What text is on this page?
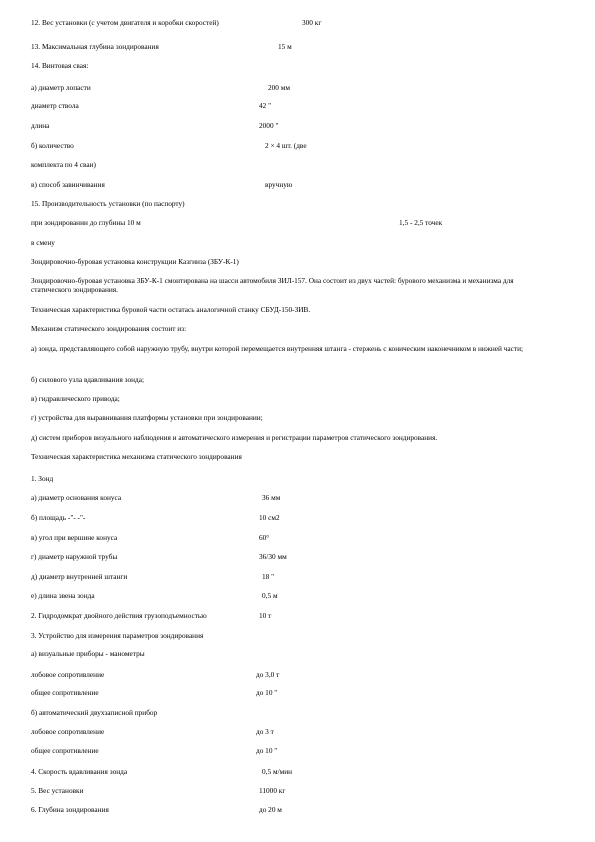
12. Вес установки (с учетом двигателя и коробки скоростей)	300 кг
13. Максимальная глубина зондирования	15 м
14. Винтовая свая:
а) диаметр лопасти	200 мм
диаметр ствола	42 "
длина	2000 "
б) количество	2 × 4 шт. (две
комплекта по 4 сваи)
в) способ завинчивания	вручную
15. Производительность установки (по паспорту)
при зондировании до глубины 10 м	1,5 - 2,5 точек
в смену
Зондировочно-буровая установка конструкции Казгииза (ЗБУ-К-1)
Зондировочно-буровая установка ЗБУ-К-1 смонтирована на шасси автомобиля ЗИЛ-157. Она состоит из двух частей: бурового механизма и механизма для статического зондирования.
Техническая характеристика буровой части остатась аналогичной станку СБУД-150-ЗИВ.
Механизм статического зондирования состоит из:
а) зонда, представляющего собой наружную трубу, внутри которой перемещается внутренняя штанга - стержень с коническим наконечником в нижней части;
б) силового узла вдавливания зонда;
в) гидравлического привода;
г) устройства для выравнивания платформы установки при зондировании;
д) систем приборов визуального наблюдения и автоматического измерения и регистрации параметров статического зондирования.
Техническая характеристика механизма статического зондирования
1. Зонд
а) диаметр основания конуса	36 мм
б) площадь -"- -"-	10 см2
в) угол при вершине конуса	60°
г) диаметр наружной трубы	36/30 мм
д) диаметр внутренней штанги	18 "
е) длина звена зонда	0,5 м
2. Гидродомкрат двойного действия грузоподъемностью	10 т
3. Устройство для измерения параметров зондирования
а) визуальные приборы - манометры
лобовое сопротивление	до 3,0 т
общее сопротивление	до 10 "
б) автоматический двухзаписной прибор
лобовое сопротивление	до 3 т
общее сопротивление	до 10 "
4. Скорость вдавливания зонда	0,5 м/мин
5. Вес установки	11000 кг
6. Глубина зондирования	до 20 м
